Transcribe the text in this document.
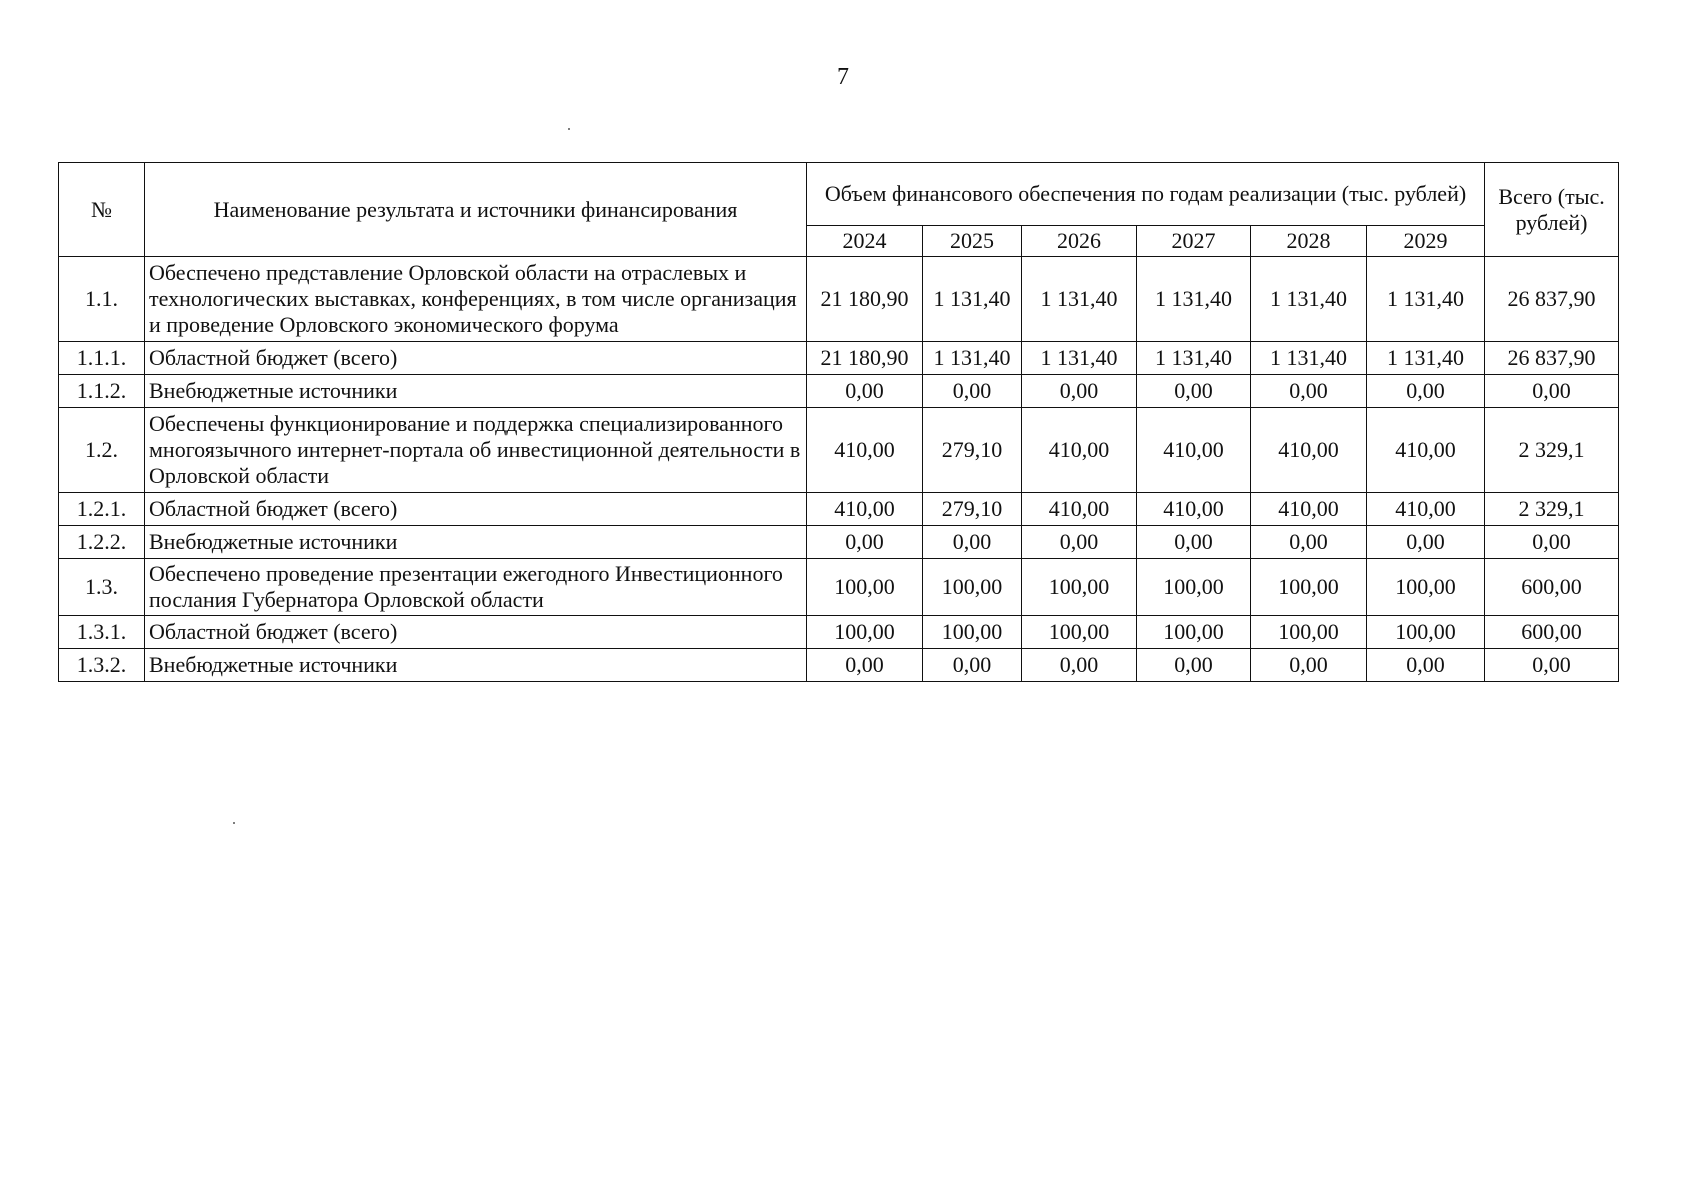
7
№	Наименование результата и источники финансирования	Объем финансового обеспечения по годам реализации (тыс. рублей)						Всего (тыс. рублей)
		2024	2025	2026	2027	2028	2029	
1.1.	Обеспечено представление Орловской области на отраслевых и технологических выставках, конференциях, в том числе организация и проведение Орловского экономического форума	21 180,90	1 131,40	1 131,40	1 131,40	1 131,40	1 131,40	26 837,90
1.1.1.	Областной бюджет (всего)	21 180,90	1 131,40	1 131,40	1 131,40	1 131,40	1 131,40	26 837,90
1.1.2.	Внебюджетные источники	0,00	0,00	0,00	0,00	0,00	0,00	0,00
1.2.	Обеспечены функционирование и поддержка специализированного многоязычного интернет-портала об инвестиционной деятельности в Орловской области	410,00	279,10	410,00	410,00	410,00	410,00	2 329,1
1.2.1.	Областной бюджет (всего)	410,00	279,10	410,00	410,00	410,00	410,00	2 329,1
1.2.2.	Внебюджетные источники	0,00	0,00	0,00	0,00	0,00	0,00	0,00
1.3.	Обеспечено проведение презентации ежегодного Инвестиционного послания Губернатора Орловской области	100,00	100,00	100,00	100,00	100,00	100,00	600,00
1.3.1.	Областной бюджет (всего)	100,00	100,00	100,00	100,00	100,00	100,00	600,00
1.3.2.	Внебюджетные источники	0,00	0,00	0,00	0,00	0,00	0,00	0,00
